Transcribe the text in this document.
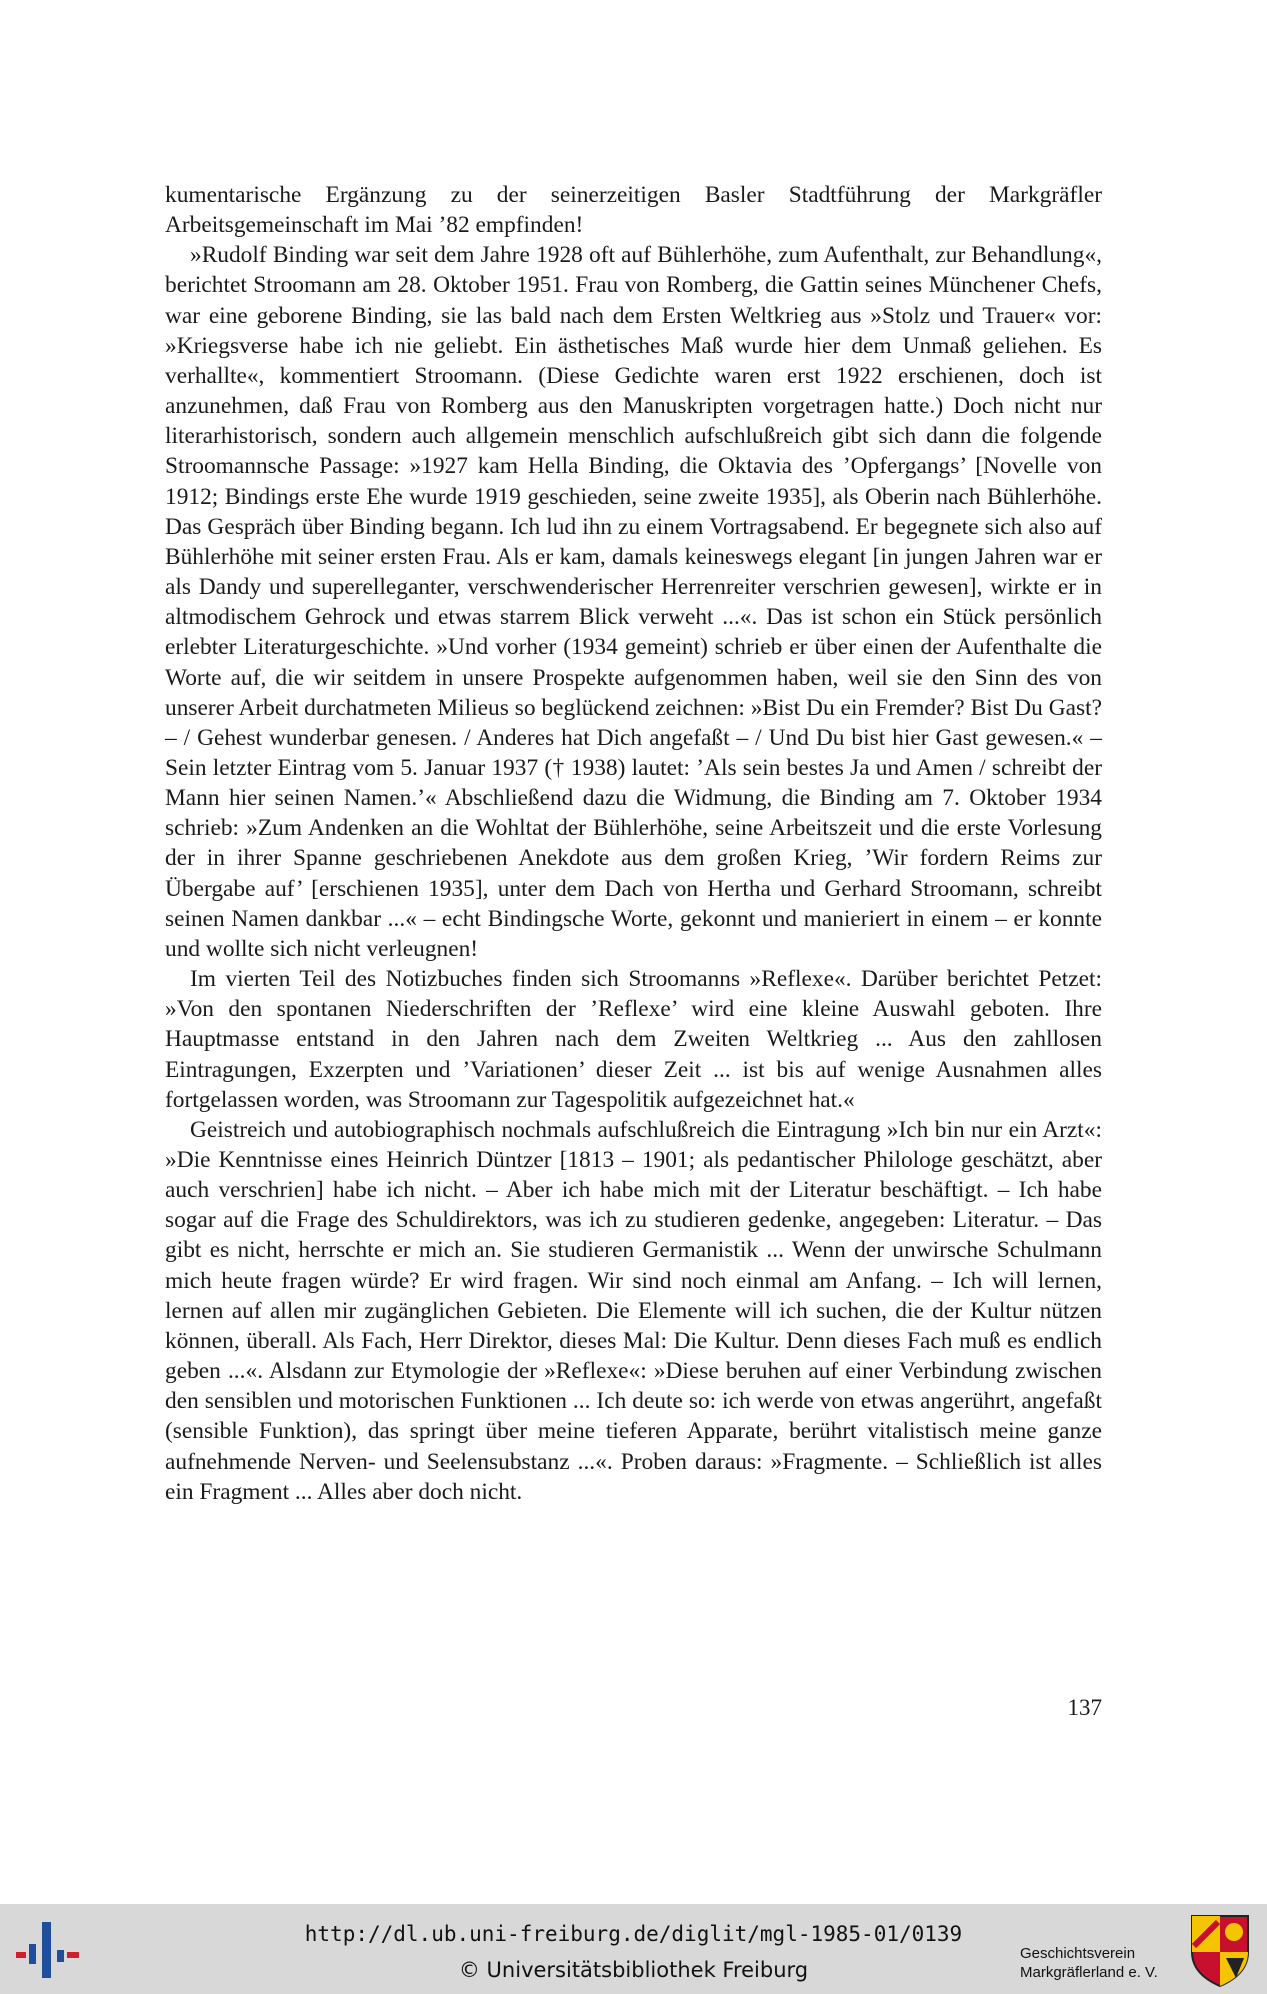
kumentarische Ergänzung zu der seinerzeitigen Basler Stadtführung der Markgräfler Arbeitsgemeinschaft im Mai ’82 empfinden!

»Rudolf Binding war seit dem Jahre 1928 oft auf Bühlerhöhe, zum Aufenthalt, zur Behandlung«, berichtet Stroomann am 28. Oktober 1951. Frau von Romberg, die Gattin seines Münchener Chefs, war eine geborene Binding, sie las bald nach dem Ersten Weltkrieg aus »Stolz und Trauer« vor: »Kriegsverse habe ich nie geliebt. Ein ästhetisches Maß wurde hier dem Unmaß geliehen. Es verhallte«, kommentiert Stroomann. (Diese Gedichte waren erst 1922 erschienen, doch ist anzunehmen, daß Frau von Romberg aus den Manuskripten vorgetragen hatte.) Doch nicht nur literarhistorisch, sondern auch allgemein menschlich aufschlußreich gibt sich dann die folgende Stroomannsche Passage: »1927 kam Hella Binding, die Oktavia des ’Opfergangs’ [Novelle von 1912; Bindings erste Ehe wurde 1919 geschieden, seine zweite 1935], als Oberin nach Bühlerhöhe. Das Gespräch über Binding begann. Ich lud ihn zu einem Vortragsabend. Er begegnete sich also auf Bühlerhöhe mit seiner ersten Frau. Als er kam, damals keineswegs elegant [in jungen Jahren war er als Dandy und superelleganter, verschwenderischer Herrenreiter verschrien gewesen], wirkte er in altmodischem Gehrock und etwas starrem Blick verweht ...«. Das ist schon ein Stück persönlich erlebter Literaturgeschichte. »Und vorher (1934 gemeint) schrieb er über einen der Aufenthalte die Worte auf, die wir seitdem in unsere Prospekte aufgenommen haben, weil sie den Sinn des von unserer Arbeit durchatmeten Milieus so beglückend zeichnen: »Bist Du ein Fremder? Bist Du Gast? – / Gehest wunderbar genesen. / Anderes hat Dich angefaßt – / Und Du bist hier Gast gewesen.« – Sein letzter Eintrag vom 5. Januar 1937 († 1938) lautet: ’Als sein bestes Ja und Amen / schreibt der Mann hier seinen Namen.’« Abschließend dazu die Widmung, die Binding am 7. Oktober 1934 schrieb: »Zum Andenken an die Wohltat der Bühlerhöhe, seine Arbeitszeit und die erste Vorlesung der in ihrer Spanne geschriebenen Anekdote aus dem großen Krieg, ’Wir fordern Reims zur Übergabe auf’ [erschienen 1935], unter dem Dach von Hertha und Gerhard Stroomann, schreibt seinen Namen dankbar ...« – echt Bindingsche Worte, gekonnt und manieriert in einem – er konnte und wollte sich nicht verleugnen!

Im vierten Teil des Notizbuches finden sich Stroomanns »Reflexe«. Darüber berichtet Petzet: »Von den spontanen Niederschriften der ’Reflexe’ wird eine kleine Auswahl geboten. Ihre Hauptmasse entstand in den Jahren nach dem Zweiten Weltkrieg ... Aus den zahllosen Eintragungen, Exzerpten und ’Variationen’ dieser Zeit ... ist bis auf wenige Ausnahmen alles fortgelassen worden, was Stroomann zur Tagespolitik aufgezeichnet hat.«

Geistreich und autobiographisch nochmals aufschlußreich die Eintragung »Ich bin nur ein Arzt«: »Die Kenntnisse eines Heinrich Düntzer [1813 – 1901; als pedantischer Philologe geschätzt, aber auch verschrien] habe ich nicht. – Aber ich habe mich mit der Literatur beschäftigt. – Ich habe sogar auf die Frage des Schuldirektors, was ich zu studieren gedenke, angegeben: Literatur. – Das gibt es nicht, herrschte er mich an. Sie studieren Germanistik ... Wenn der unwirsche Schulmann mich heute fragen würde? Er wird fragen. Wir sind noch einmal am Anfang. – Ich will lernen, lernen auf allen mir zugänglichen Gebieten. Die Elemente will ich suchen, die der Kultur nützen können, überall. Als Fach, Herr Direktor, dieses Mal: Die Kultur. Denn dieses Fach muß es endlich geben ...«. Alsdann zur Etymologie der »Reflexe«: »Diese beruhen auf einer Verbindung zwischen den sensiblen und motorischen Funktionen ... Ich deute so: ich werde von etwas angerührt, angefaßt (sensible Funktion), das springt über meine tieferen Apparate, berührt vitalistisch meine ganze aufnehmende Nerven- und Seelensubstanz ...«. Proben daraus: »Fragmente. – Schließlich ist alles ein Fragment ... Alles aber doch nicht.

137
http://dl.ub.uni-freiburg.de/diglit/mgl-1985-01/0139
© Universitätsbibliothek Freiburg
Geschichtsverein
Markgräflerland e. V.
